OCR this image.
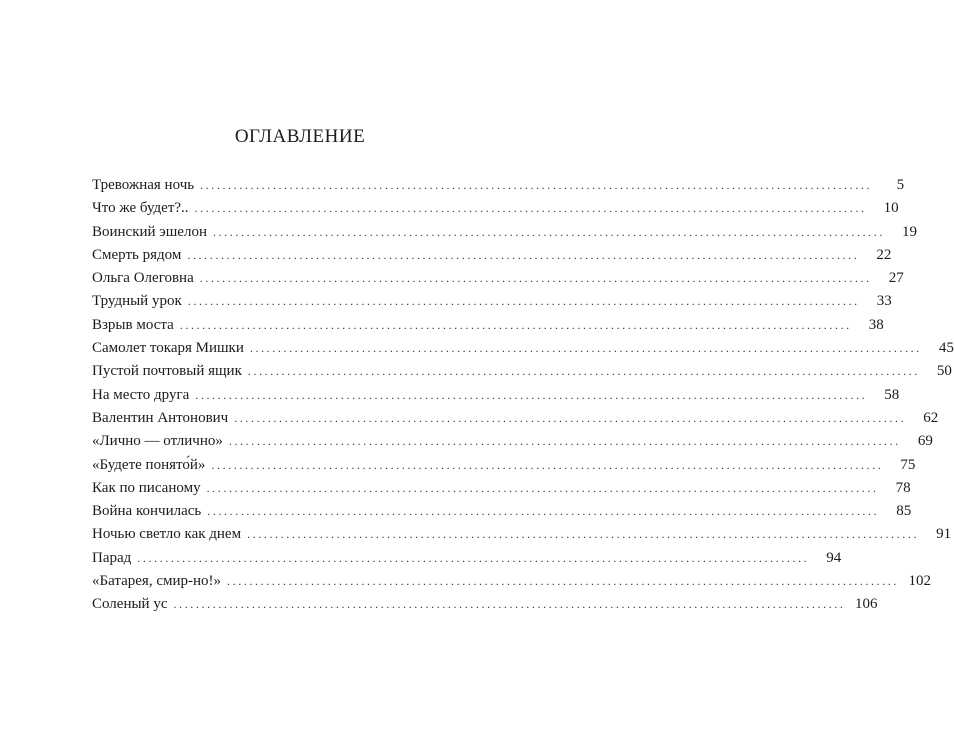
ОГЛАВЛЕНИЕ
Тревожная ночь ........................................................................................................................	5
Что же будет?.. ........................................................................................................................	10
Воинский эшелон ........................................................................................................................	19
Смерть рядом ........................................................................................................................	22
Ольга Олеговна ........................................................................................................................	27
Трудный урок ........................................................................................................................	33
Взрыв моста ........................................................................................................................	38
Самолет токаря Мишки ........................................................................................................................	45
Пустой почтовый ящик ........................................................................................................................	50
На место друга ........................................................................................................................	58
Валентин Антонович ........................................................................................................................	62
«Лично — отлично» ........................................................................................................................	69
«Будете понято́й» ........................................................................................................................	75
Как по писаному ........................................................................................................................	78
Война кончилась ........................................................................................................................	85
Ночью светло как днем ........................................................................................................................	91
Парад ........................................................................................................................	94
«Батарея, смир-но!» ........................................................................................................................ 102
Соленый ус ........................................................................................................................ 106
